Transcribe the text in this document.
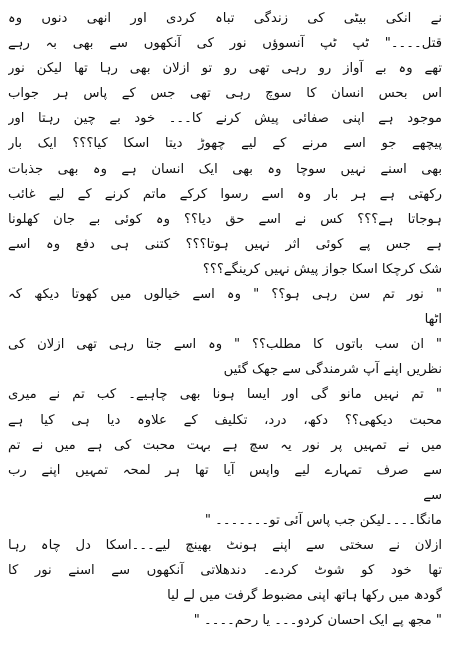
نے انکی بیٹی کی زندگی تباہ کردی اور انھی دنوں وہ
قتل۔۔۔۔" ٹپ ٹپ آنسوؤں نور کی آنکھوں سے بھی بہ رہے
تھے وہ بے آواز رو رہی تھی رو تو ازلان بھی رہا تھا لیکن نور
اس بحس انسان کا سوچ رہی تھی جس کے پاس ہر جواب
موجود ہے اپنی صفائی پیش کرنے کا۔۔۔ خود بے چین رہتا اور
پیچھے جو اسے مرنے کے لیے چھوڑ دیتا اسکا کیا؟؟؟ ایک بار
بھی اسنے نہیں سوچا وہ بھی ایک انسان ہے وہ بھی جذبات
رکھتی ہے ہر بار وہ اسے رسوا کرکے ماتم کرنے کے لیے غائب
ہوجاتا ہے؟؟؟ کس نے اسے حق دیا؟؟ وہ کوئی بے جان کھلونا
ہے جس پے کوئی اثر نہیں ہوتا؟؟؟ کتنی ہی دفع وہ اسے
شک کرچکا اسکا جواز پیش نہیں کرینگے؟؟؟
" نور تم سن رہی ہو؟؟ " وہ اسے خیالوں میں کھوتا دیکھ کہ
اٹھا
" ان سب باتوں کا مطلب؟؟ " وہ اسے جتا رہی تھی ازلان کی
نظریں اپنے آپ شرمندگی سے جھک گئیں
" تم نہیں مانو گی اور ایسا ہونا بھی چاہیے۔ کب تم نے میری
محبت دیکھی؟؟ دکھ، درد، تکلیف کے علاوہ دیا ہی کیا ہے
میں نے تمہیں پر نور یہ سچ ہے بہت محبت کی ہے میں نے تم
سے صرف تمہارے لیے واپس آیا تھا ہر لمحہ تمہیں اپنے رب
سے
مانگا۔۔۔۔لیکن جب پاس آئی تو۔۔۔۔۔۔۔ "
ازلان نے سختی سے اپنے ہونٹ بھینچ لیے۔۔۔اسکا دل چاہ رہا
تھا خود کو شوٹ کردے۔ دندھلاتی آنکھوں سے اسنے نور کا
گودھ میں رکھا ہاتھ اپنی مضبوط گرفت میں لے لیا
" مجھ پے ایک احسان کردو۔۔۔ یا رحم۔۔۔۔ "
